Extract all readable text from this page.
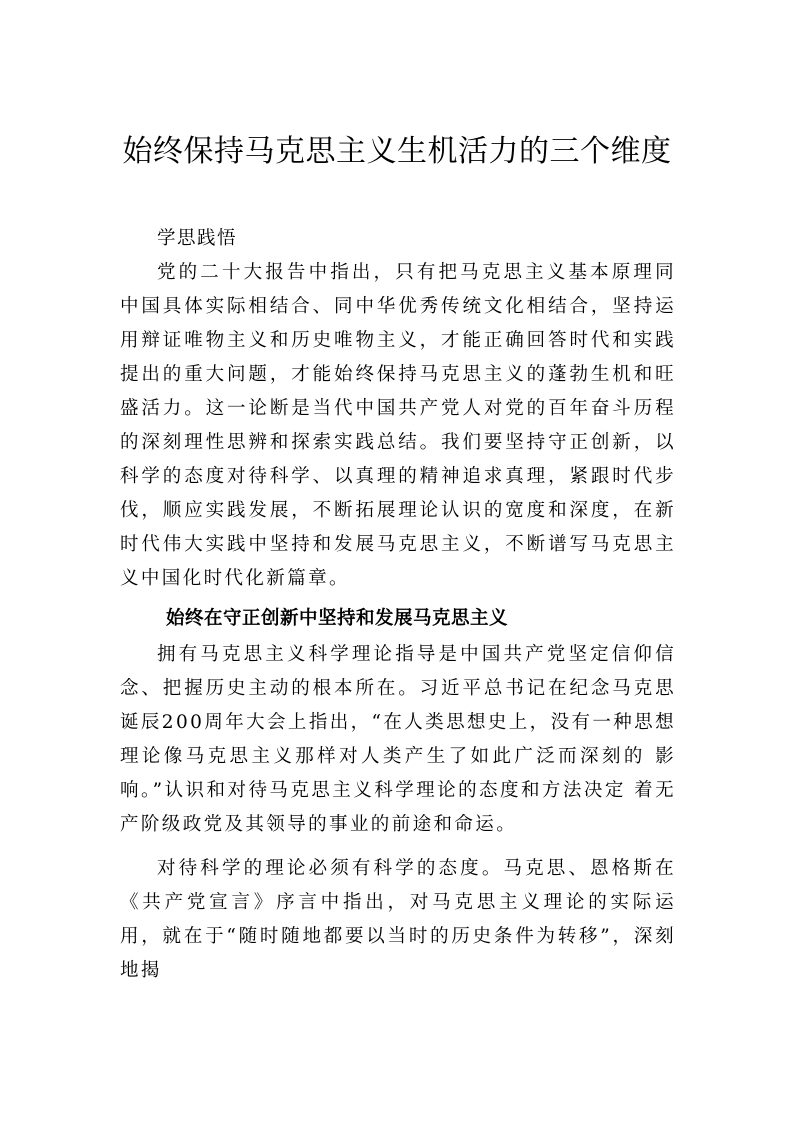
始终保持马克思主义生机活力的三个维度

学思践悟

党的二十大报告中指出，只有把马克思主义基本原理同中国具体实际相结合、同中华优秀传统文化相结合，坚持运用辩证唯物主义和历史唯物主义，才能正确回答时代和实践提出的重大问题，才能始终保持马克思主义的蓬勃生机和旺盛活力。这一论断是当代中国共产党人对党的百年奋斗历程的深刻理性思辨和探索实践总结。我们要坚持守正创新，以科学的态度对待科学、以真理的精神追求真理，紧跟时代步伐，顺应实践发展，不断拓展理论认识的宽度和深度，在新时代伟大实践中坚持和发展马克思主义，不断谱写马克思主义中国化时代化新篇章。

始终在守正创新中坚持和发展马克思主义

拥有马克思主义科学理论指导是中国共产党坚定信仰信念、把握历史主动的根本所在。习近平总书记在纪念马克思诞辰200周年大会上指出，“在人类思想史上，没有一种思想理论像马克思主义那样对人类产生了如此广泛而深刻的 影响。”认识和对待马克思主义科学理论的态度和方法决定 着无产阶级政党及其领导的事业的前途和命运。

对待科学的理论必须有科学的态度。马克思、恩格斯在《共产党宣言》序言中指出，对马克思主义理论的实际运用，就在于“随时随地都要以当时的历史条件为转移”，深刻地揭
